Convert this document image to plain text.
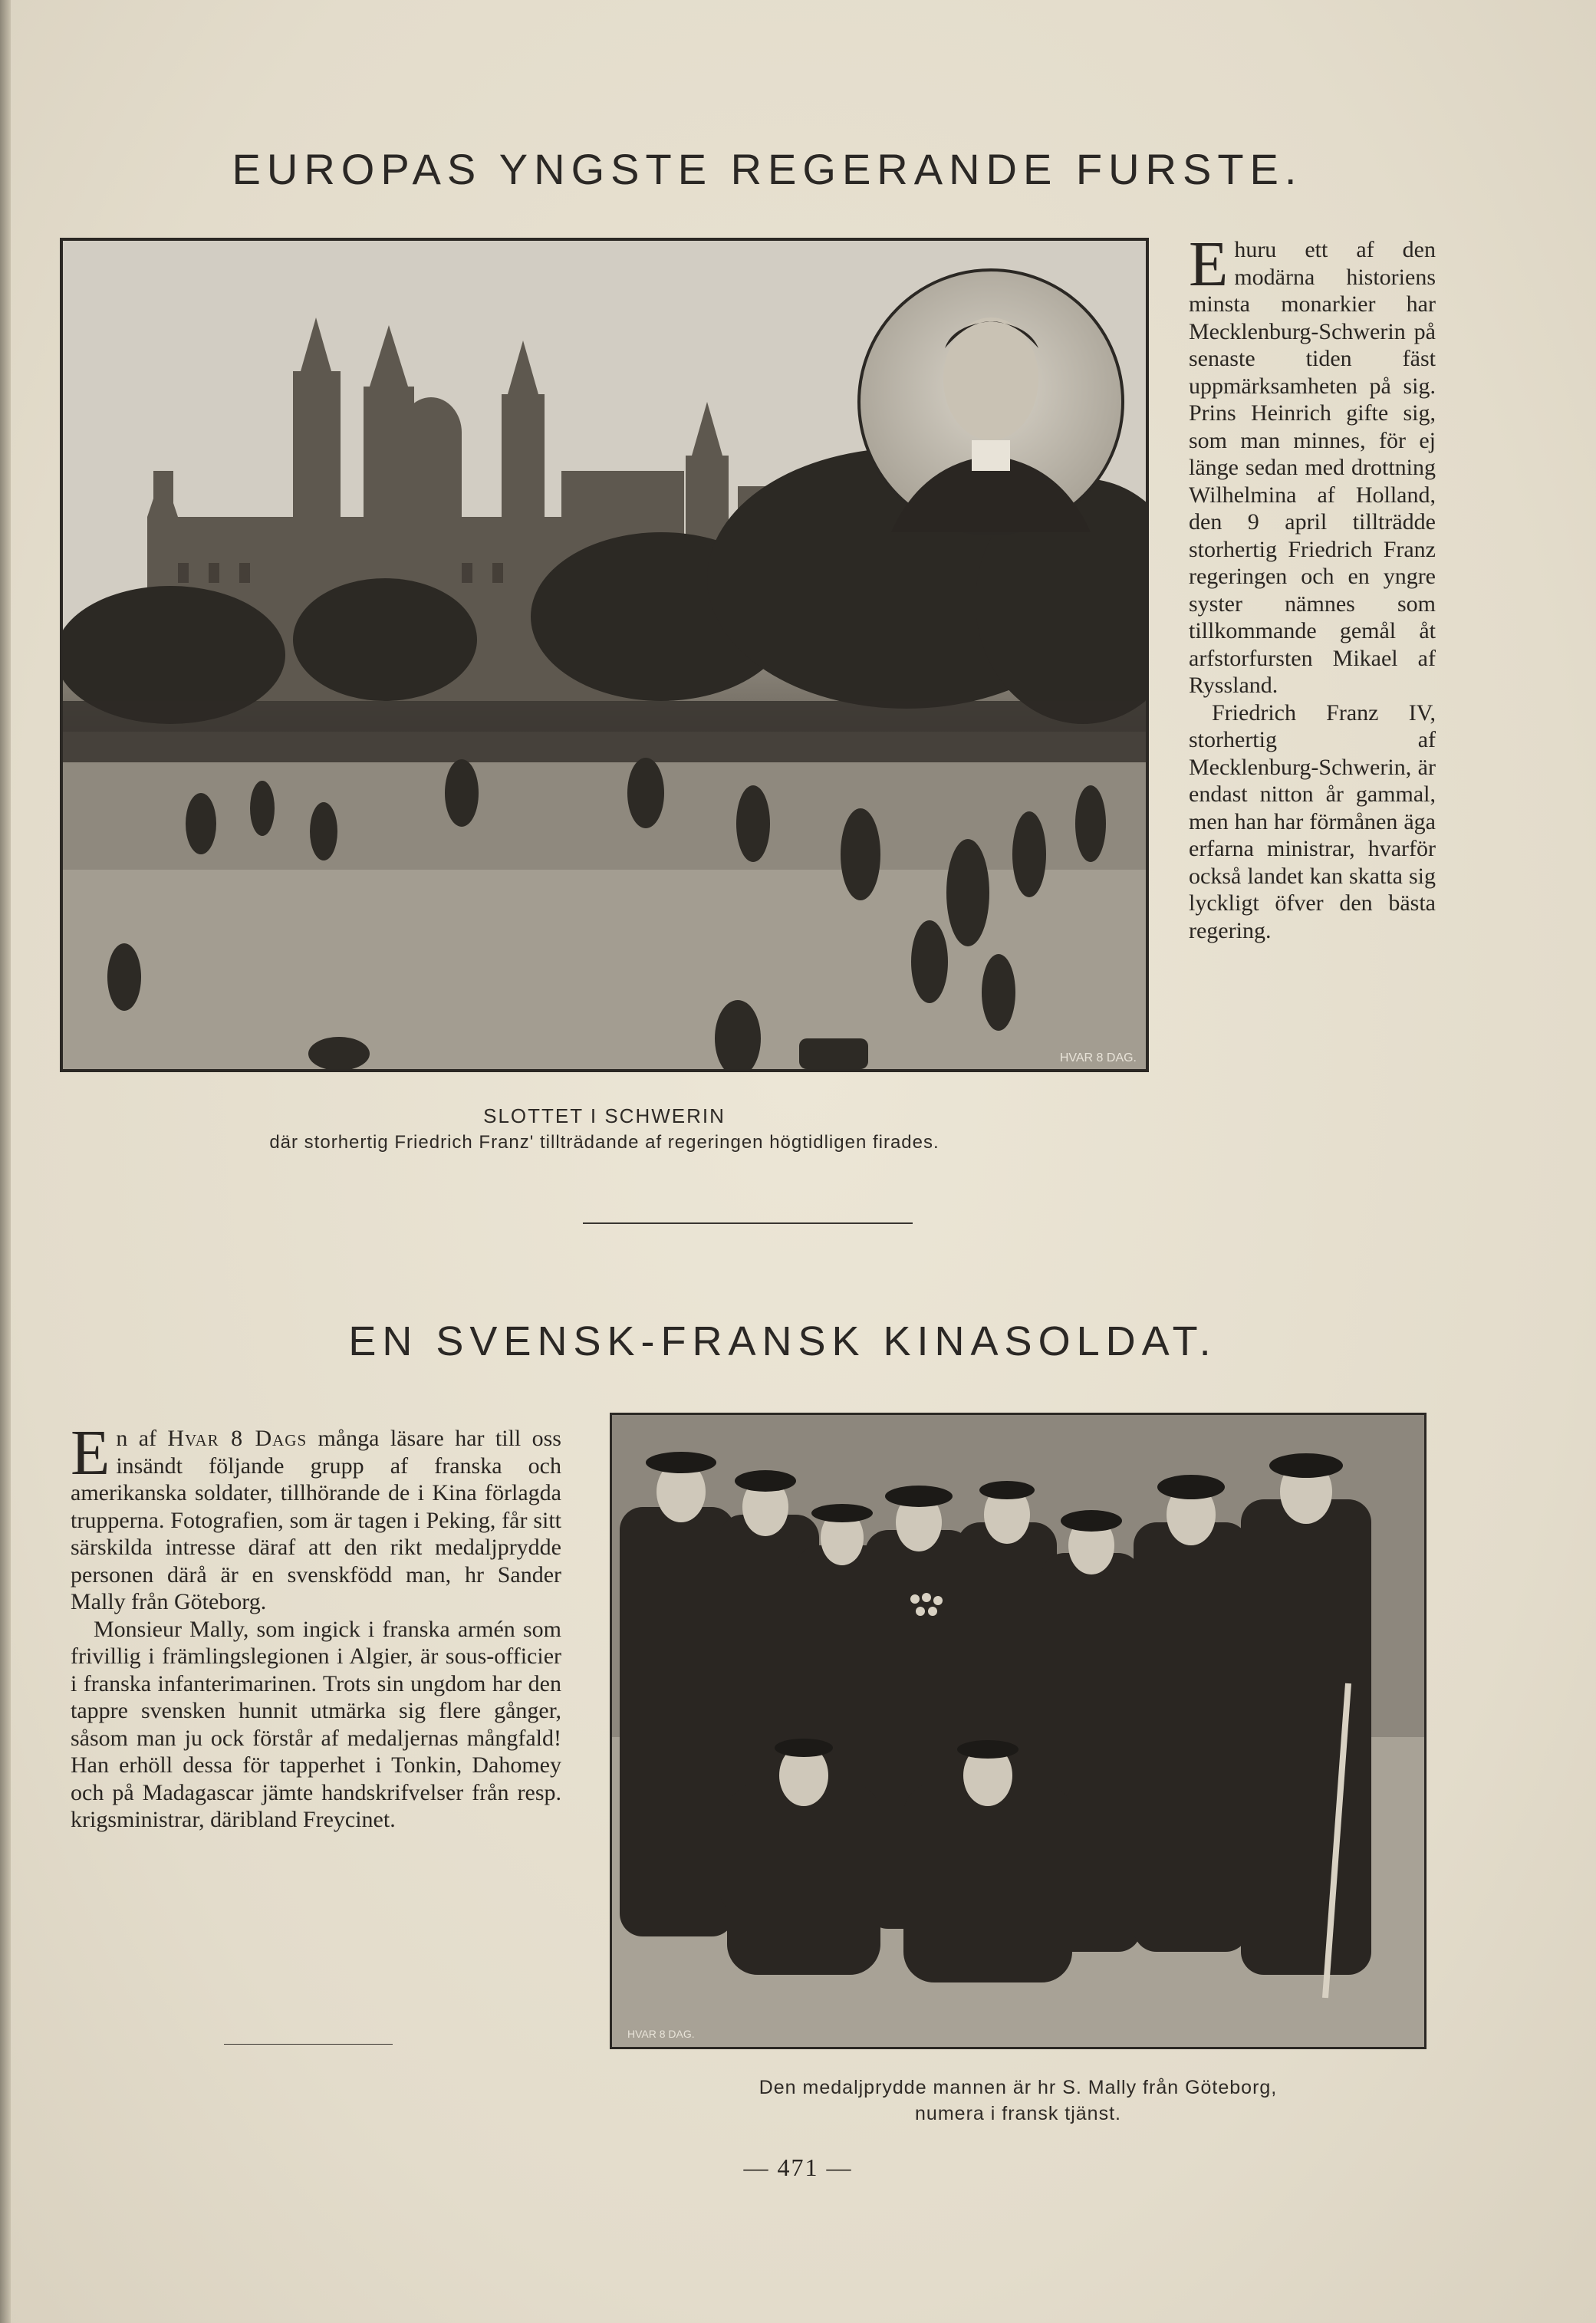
EUROPAS YNGSTE REGERANDE FURSTE.
HVAR 8 DAG.
SLOTTET I SCHWERIN
där storhertig Friedrich Franz' tillträdande af regeringen högtidligen firades.

Ehuru ett af den modärna historiens minsta monarkier har Mecklenburg-Schwerin på senaste tiden fäst uppmärksamheten på sig. Prins Heinrich gifte sig, som man minnes, för ej länge sedan med drottning Wilhelmina af Holland, den 9 april tillträdde storhertig Friedrich Franz regeringen och en yngre syster nämnes som tillkommande gemål åt arfstorfursten Mikael af Ryssland.

Friedrich Franz IV, storhertig af Mecklenburg-Schwerin, är endast nitton år gammal, men han har förmånen äga erfarna ministrar, hvarför också landet kan skatta sig lyckligt öfver den bästa regering.

EN SVENSK-FRANSK KINASOLDAT.

En af Hvar 8 Dags många läsare har till oss insändt följande grupp af franska och amerikanska soldater, tillhörande de i Kina förlagda trupperna. Fotografien, som är tagen i Peking, får sitt särskilda intresse däraf att den rikt medaljprydde personen därå är en svenskfödd man, hr Sander Mally från Göteborg.

Monsieur Mally, som ingick i franska armén som frivillig i främlingslegionen i Algier, är sous-officier i franska infanterimarinen. Trots sin ungdom har den tappre svensken hunnit utmärka sig flere gånger, såsom man ju ock förstår af medaljernas mångfald! Han erhöll dessa för tapperhet i Tonkin, Dahomey och på Madagascar jämte handskrifvelser från resp. krigsministrar, däribland Freycinet.

HVAR 8 DAG.
Den medaljprydde mannen är hr S. Mally från Göteborg,
numera i fransk tjänst.
— 471 —
